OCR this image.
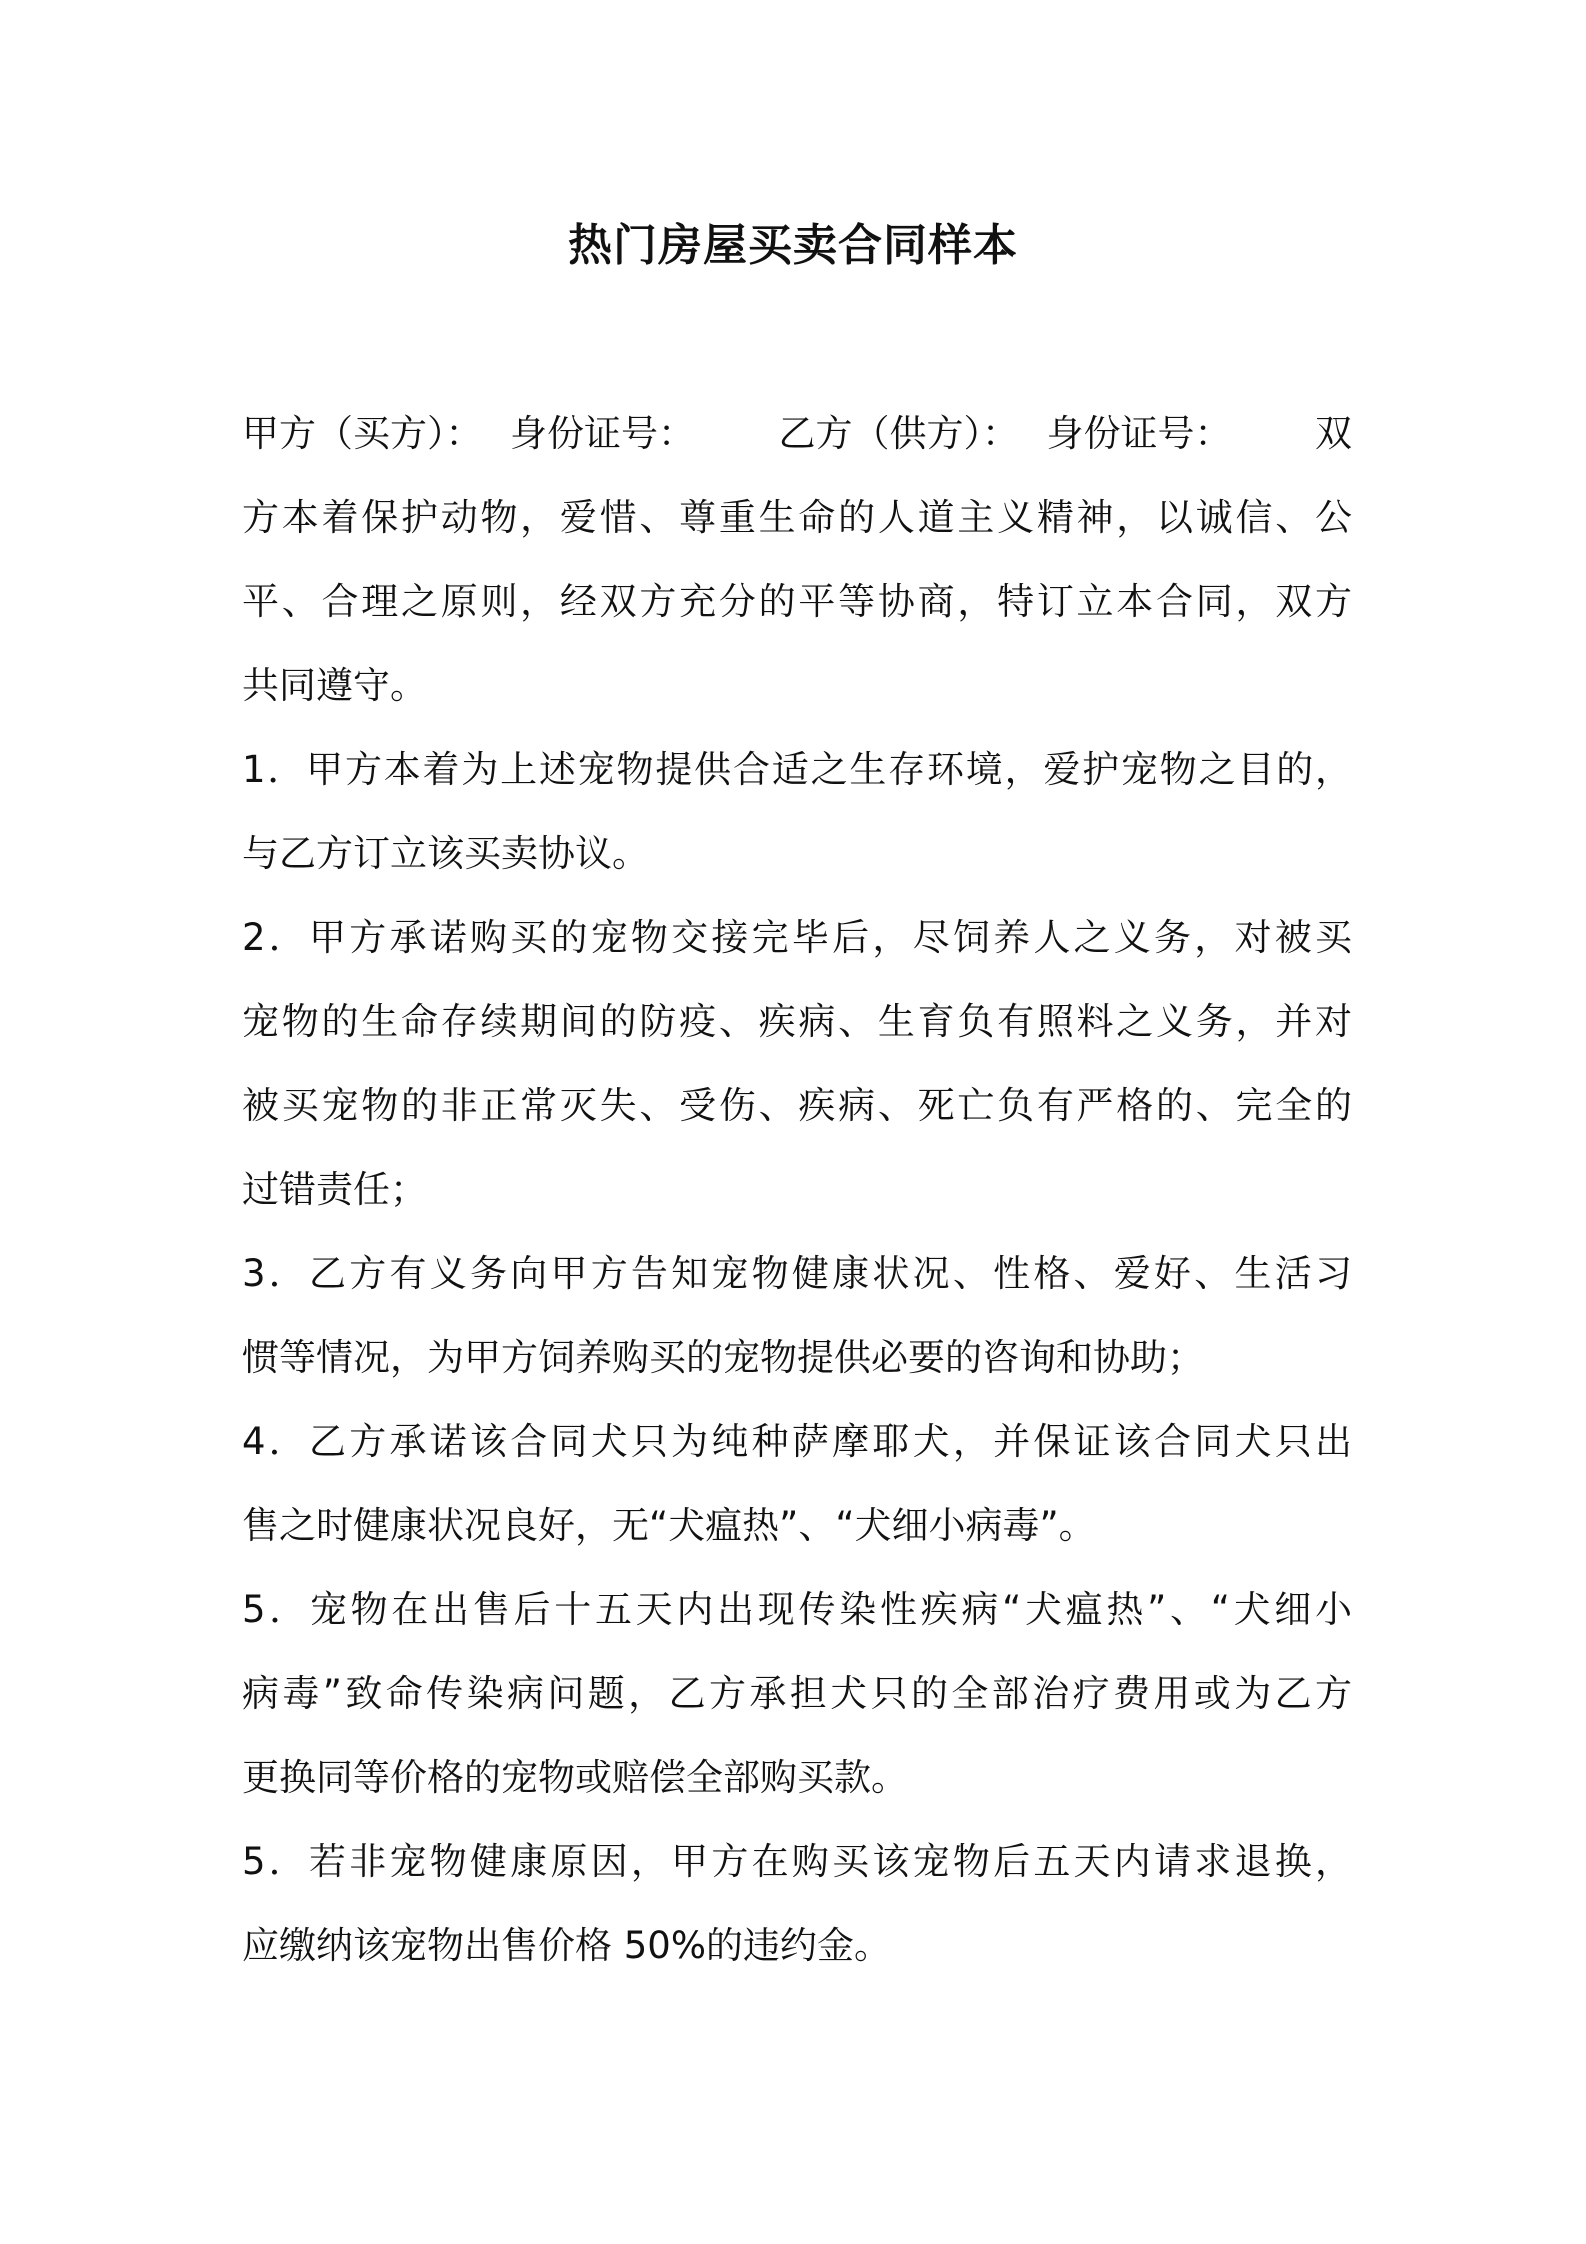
热门房屋买卖合同样本
甲方（买方）： 身份证号： 乙方（供方）： 身份证号： 双
方本着保护动物，爱惜、尊重生命的人道主义精神，以诚信、公
平、合理之原则，经双方充分的平等协商，特订立本合同，双方
共同遵守。
1．甲方本着为上述宠物提供合适之生存环境，爱护宠物之目的，
与乙方订立该买卖协议。
2．甲方承诺购买的宠物交接完毕后，尽饲养人之义务，对被买
宠物的生命存续期间的防疫、疾病、生育负有照料之义务，并对
被买宠物的非正常灭失、受伤、疾病、死亡负有严格的、完全的
过错责任；
3．乙方有义务向甲方告知宠物健康状况、性格、爱好、生活习
惯等情况，为甲方饲养购买的宠物提供必要的咨询和协助；
4．乙方承诺该合同犬只为纯种萨摩耶犬，并保证该合同犬只出
售之时健康状况良好，无“犬瘟热”、“犬细小病毒”。
5．宠物在出售后十五天内出现传染性疾病“犬瘟热”、“犬细小
病毒”致命传染病问题，乙方承担犬只的全部治疗费用或为乙方
更换同等价格的宠物或赔偿全部购买款。
5．若非宠物健康原因，甲方在购买该宠物后五天内请求退换，
应缴纳该宠物出售价格 50%的违约金。
